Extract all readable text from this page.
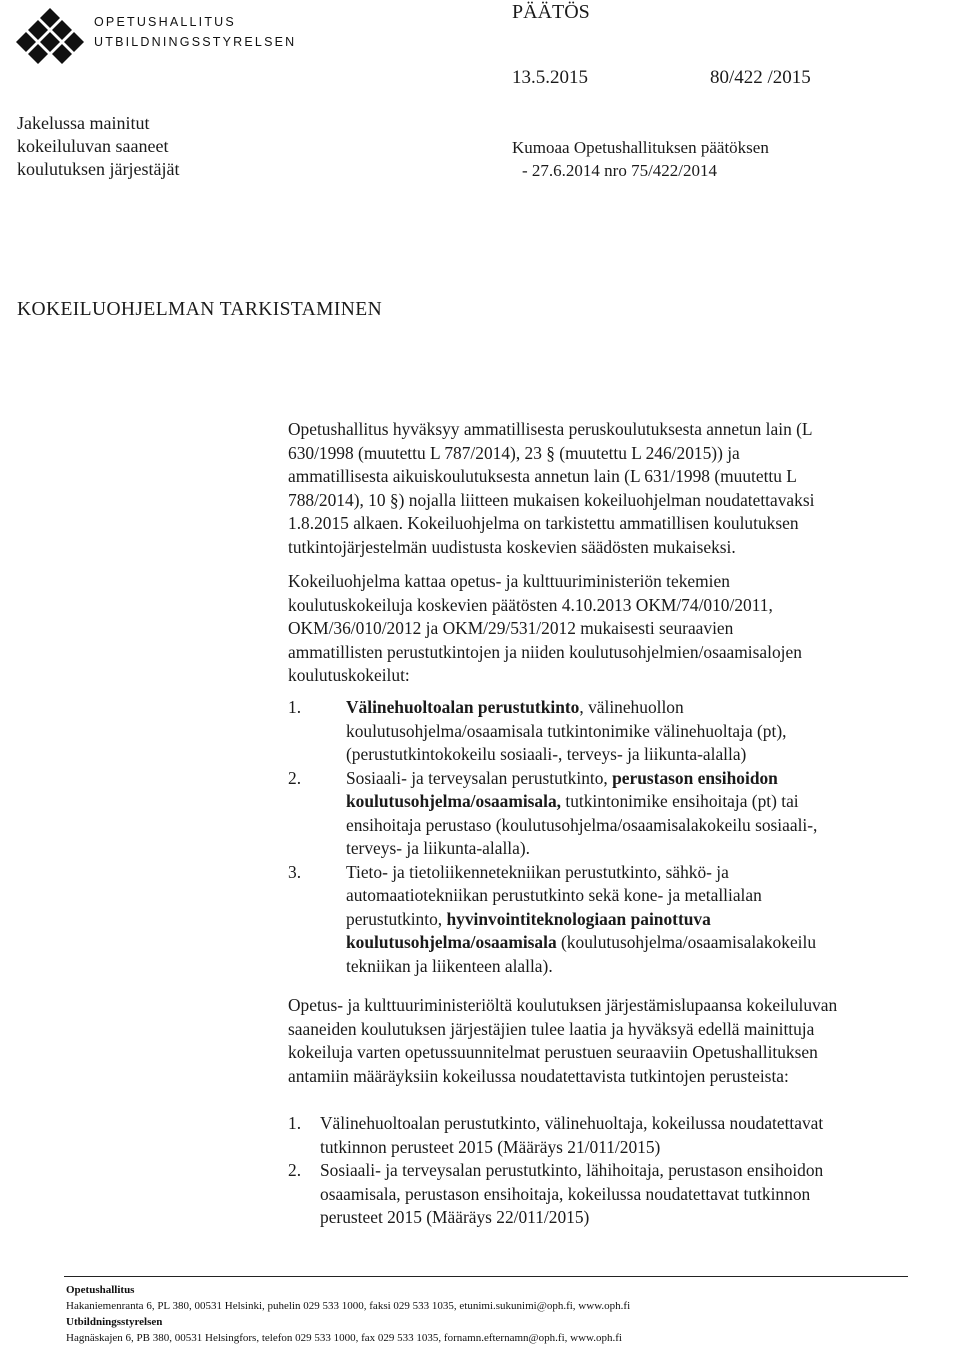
OPETUSHALLITUS
UTBILDNINGSSTYRELSEN
PÄÄTÖS
13.5.2015	80/422 /2015
Jakelussa mainitut
kokeiluluvan saaneet
koulutuksen järjestäjät
Kumoaa Opetushallituksen päätöksen
- 27.6.2014 nro 75/422/2014
KOKEILUOHJELMAN TARKISTAMINEN
Opetushallitus hyväksyy ammatillisesta peruskoulutuksesta annetun lain (L
630/1998 (muutettu L 787/2014), 23 § (muutettu L 246/2015)) ja
ammatillisesta aikuiskoulutuksesta annetun lain (L 631/1998 (muutettu L
788/2014), 10 §) nojalla liitteen mukaisen kokeiluohjelman noudatettavaksi
1.8.2015 alkaen. Kokeiluohjelma on tarkistettu ammatillisen koulutuksen
tutkintojärjestelmän uudistusta koskevien säädösten mukaiseksi.
Kokeiluohjelma kattaa opetus- ja kulttuuriministeriön tekemien
koulutuskokeiluja koskevien päätösten 4.10.2013 OKM/74/010/2011,
OKM/36/010/2012 ja OKM/29/531/2012 mukaisesti seuraavien
ammatillisten perustutkintojen ja niiden koulutusohjelmien/osaamisalojen
koulutuskokeilut:
1.	Välinehuoltoalan perustutkinto, välinehuollon
koulutusohjelma/osaamisala tutkintonimike välinehuoltaja (pt),
(perustutkintokokeilu sosiaali-, terveys- ja liikunta-alalla)
2.	Sosiaali- ja terveysalan perustutkinto, perustason ensihoidon
koulutusohjelma/osaamisala, tutkintonimike ensihoitaja (pt) tai
ensihoitaja perustaso (koulutusohjelma/osaamisalakokeilu sosiaali-,
terveys- ja liikunta-alalla).
3.	Tieto- ja tietoliikennetekniikan perustutkinto, sähkö- ja
automaatiotekniikan perustutkinto sekä kone- ja metallialan
perustutkinto, hyvinvointiteknologiaan painottuva
koulutusohjelma/osaamisala (koulutusohjelma/osaamisalakokeilu
tekniikan ja liikenteen alalla).
Opetus- ja kulttuuriministeriöltä koulutuksen järjestämislupaansa kokeiluluvan
saaneiden koulutuksen järjestäjien tulee laatia ja hyväksyä edellä mainittuja
kokeiluja varten opetussuunnitelmat perustuen seuraaviin Opetushallituksen
antamiin määräyksiin kokeilussa noudatettavista tutkintojen perusteista:
1. Välinehuoltoalan perustutkinto, välinehuoltaja, kokeilussa noudatettavat
tutkinnon perusteet 2015 (Määräys 21/011/2015)
2. Sosiaali- ja terveysalan perustutkinto, lähihoitaja, perustason ensihoidon
osaamisala, perustason ensihoitaja, kokeilussa noudatettavat tutkinnon
perusteet 2015 (Määräys 22/011/2015)
Opetushallitus
Hakaniemenranta 6, PL 380, 00531 Helsinki, puhelin 029 533 1000, faksi 029 533 1035, etunimi.sukunimi@oph.fi, www.oph.fi
Utbildningsstyrelsen
Hagnäskajen 6, PB 380, 00531 Helsingfors, telefon 029 533 1000, fax 029 533 1035, fornamn.efternamn@oph.fi, www.oph.fi
